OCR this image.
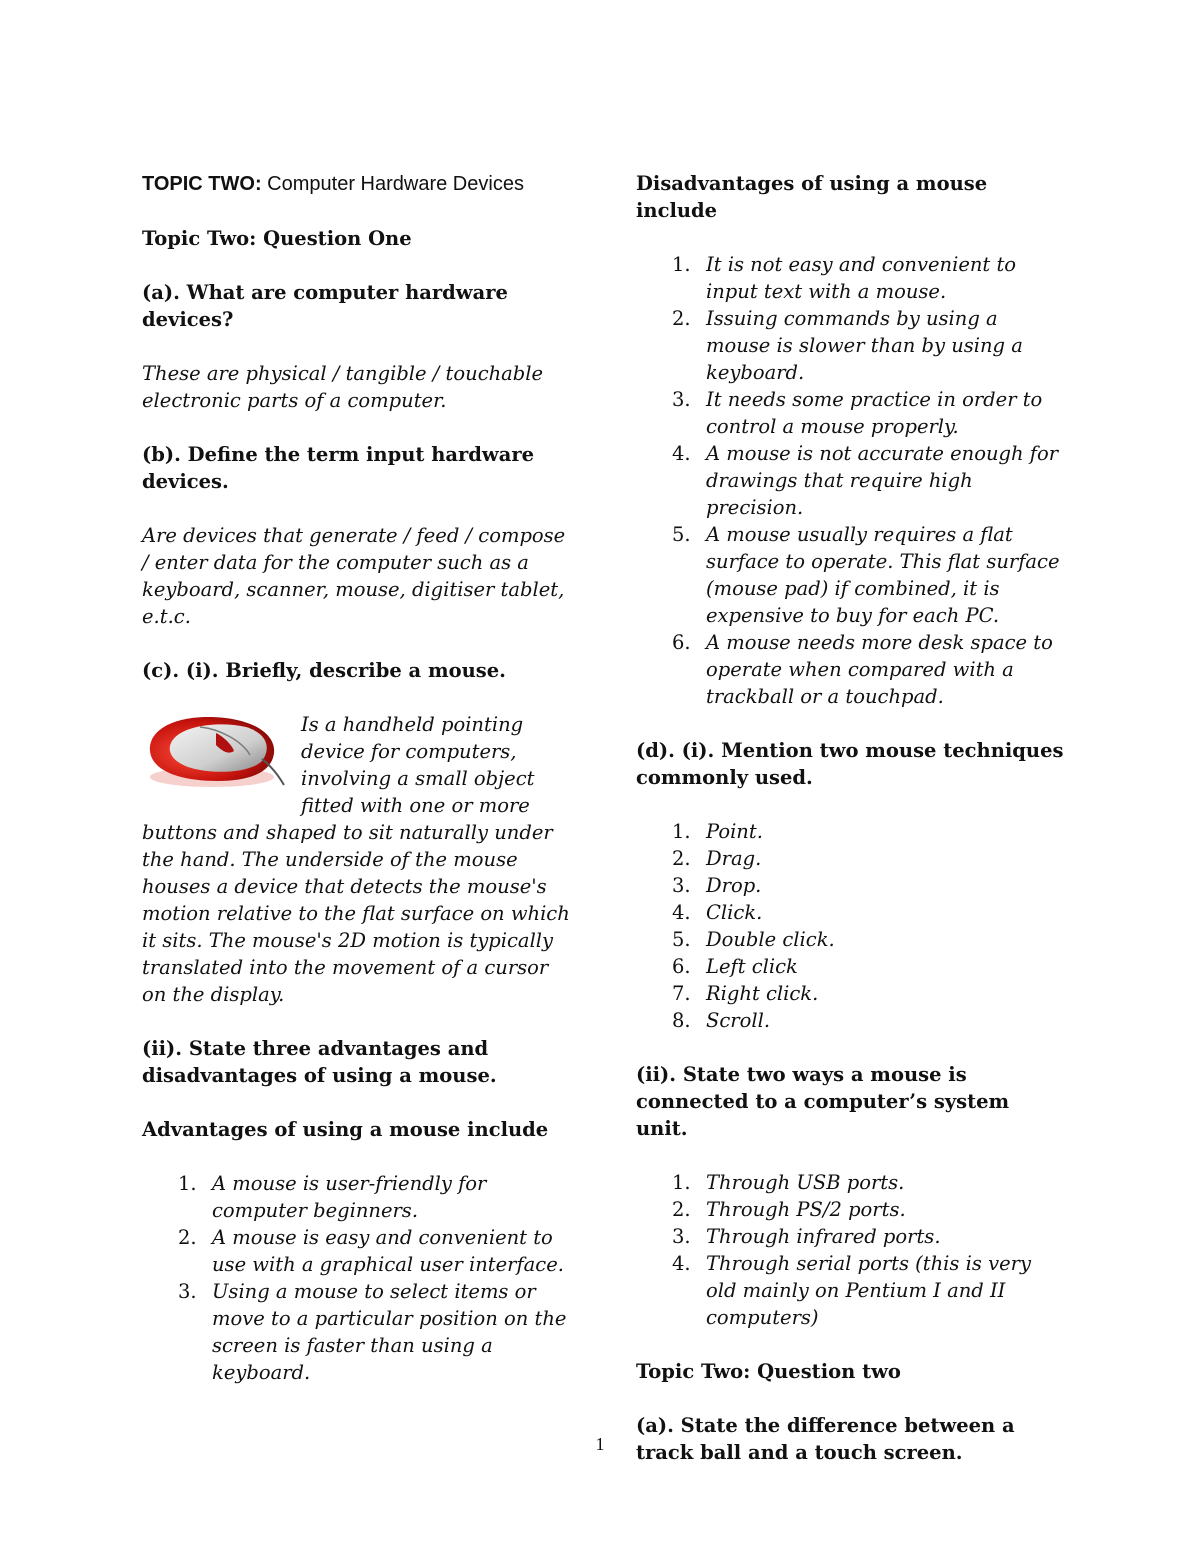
TOPIC TWO: Computer Hardware Devices

Topic Two: Question One

(a). What are computer hardware devices?

These are physical / tangible / touchable electronic parts of a computer.

(b). Define the term input hardware devices.

Are devices that generate / feed / compose / enter data for the computer such as a keyboard, scanner, mouse, digitiser tablet, e.t.c.

(c). (i). Briefly, describe a mouse.

Is a handheld pointing device for computers, involving a small object fitted with one or more buttons and shaped to sit naturally under the hand. The underside of the mouse houses a device that detects the mouse's motion relative to the flat surface on which it sits. The mouse's 2D motion is typically translated into the movement of a cursor on the display.

(ii). State three advantages and disadvantages of using a mouse.

Advantages of using a mouse include

1. A mouse is user-friendly for computer beginners.
2. A mouse is easy and convenient to use with a graphical user interface.
3. Using a mouse to select items or move to a particular position on the screen is faster than using a keyboard.

Disadvantages of using a mouse include

1. It is not easy and convenient to input text with a mouse.
2. Issuing commands by using a mouse is slower than by using a keyboard.
3. It needs some practice in order to control a mouse properly.
4. A mouse is not accurate enough for drawings that require high precision.
5. A mouse usually requires a flat surface to operate. This flat surface (mouse pad) if combined, it is expensive to buy for each PC.
6. A mouse needs more desk space to operate when compared with a trackball or a touchpad.

(d). (i). Mention two mouse techniques commonly used.

1. Point.
2. Drag.
3. Drop.
4. Click.
5. Double click.
6. Left click
7. Right click.
8. Scroll.

(ii). State two ways a mouse is connected to a computer’s system unit.

1. Through USB ports.
2. Through PS/2 ports.
3. Through infrared ports.
4. Through serial ports (this is very old mainly on Pentium I and II computers)

Topic Two: Question two

(a). State the difference between a track ball and a touch screen.

1
